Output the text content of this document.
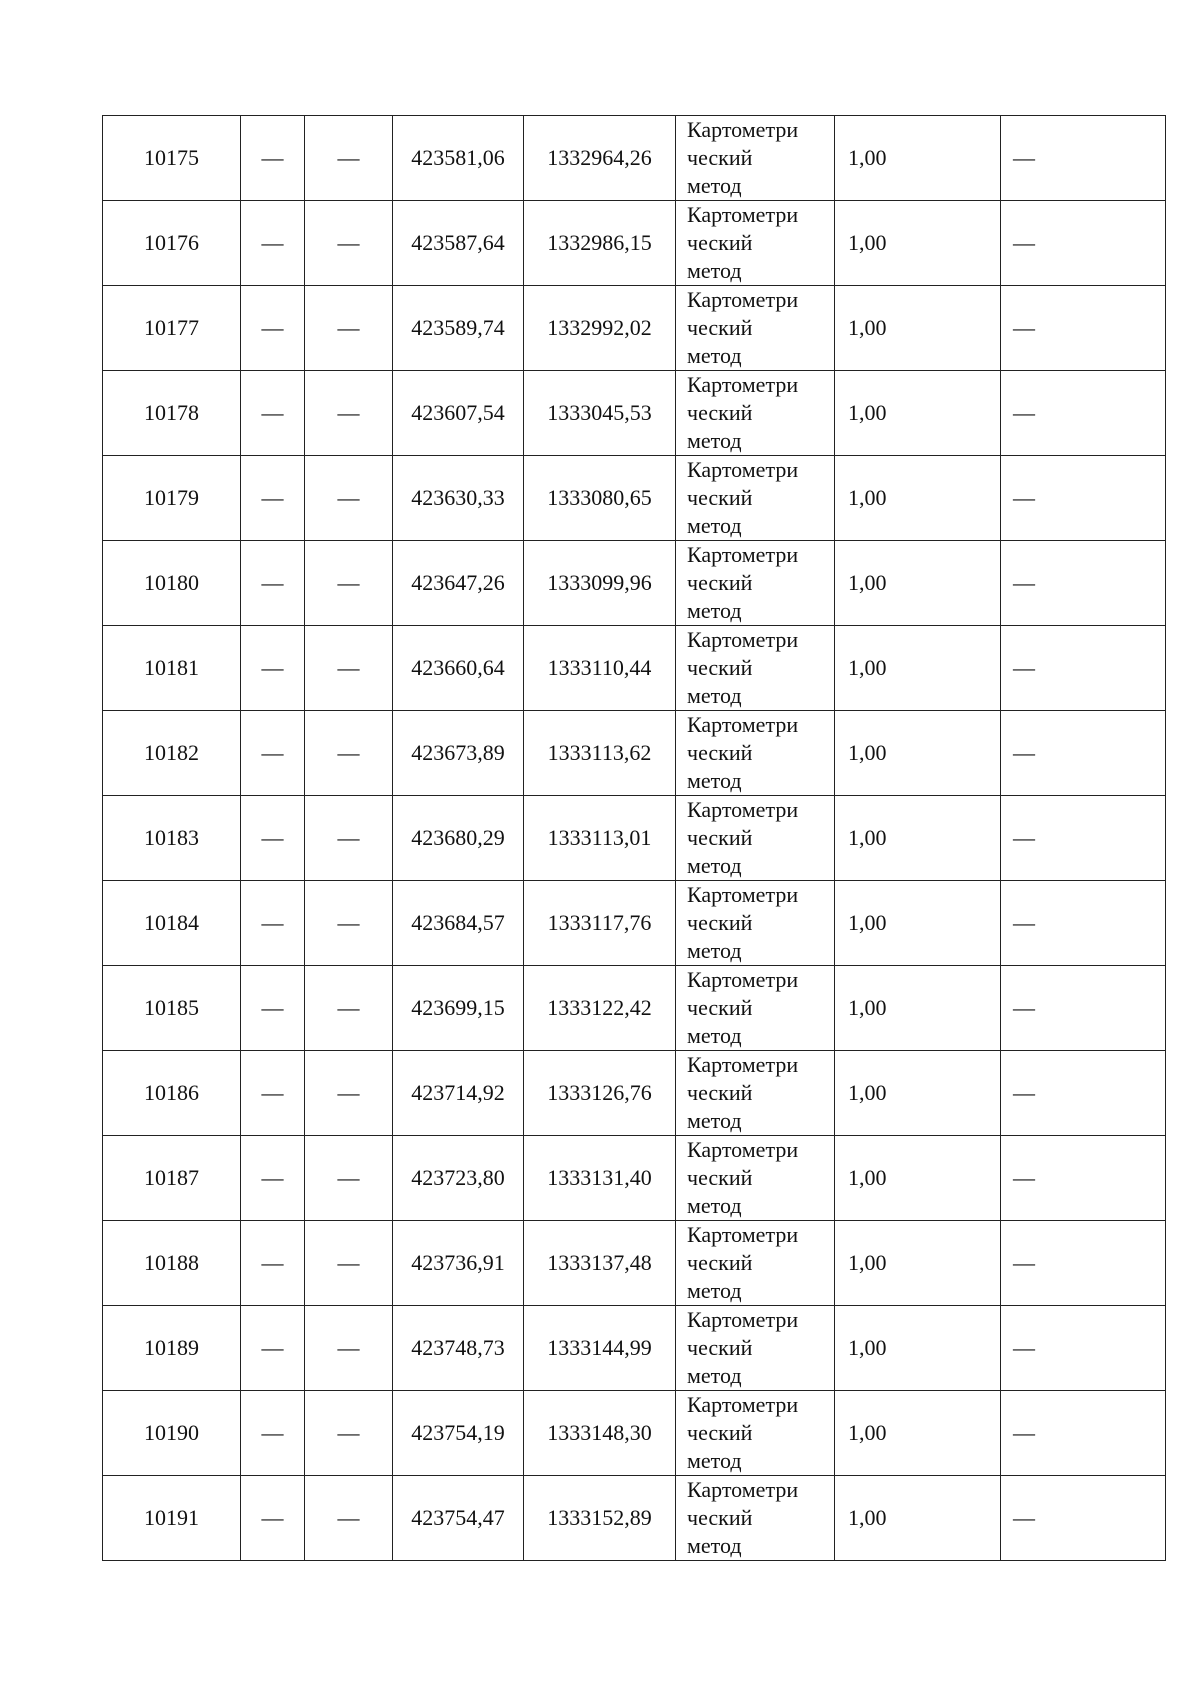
10175	—	—	423581,06	1332964,26	Картометри
ческий
метод	1,00	—
10176	—	—	423587,64	1332986,15	Картометри
ческий
метод	1,00	—
10177	—	—	423589,74	1332992,02	Картометри
ческий
метод	1,00	—
10178	—	—	423607,54	1333045,53	Картометри
ческий
метод	1,00	—
10179	—	—	423630,33	1333080,65	Картометри
ческий
метод	1,00	—
10180	—	—	423647,26	1333099,96	Картометри
ческий
метод	1,00	—
10181	—	—	423660,64	1333110,44	Картометри
ческий
метод	1,00	—
10182	—	—	423673,89	1333113,62	Картометри
ческий
метод	1,00	—
10183	—	—	423680,29	1333113,01	Картометри
ческий
метод	1,00	—
10184	—	—	423684,57	1333117,76	Картометри
ческий
метод	1,00	—
10185	—	—	423699,15	1333122,42	Картометри
ческий
метод	1,00	—
10186	—	—	423714,92	1333126,76	Картометри
ческий
метод	1,00	—
10187	—	—	423723,80	1333131,40	Картометри
ческий
метод	1,00	—
10188	—	—	423736,91	1333137,48	Картометри
ческий
метод	1,00	—
10189	—	—	423748,73	1333144,99	Картометри
ческий
метод	1,00	—
10190	—	—	423754,19	1333148,30	Картометри
ческий
метод	1,00	—
10191	—	—	423754,47	1333152,89	Картометри
ческий
метод	1,00	—
